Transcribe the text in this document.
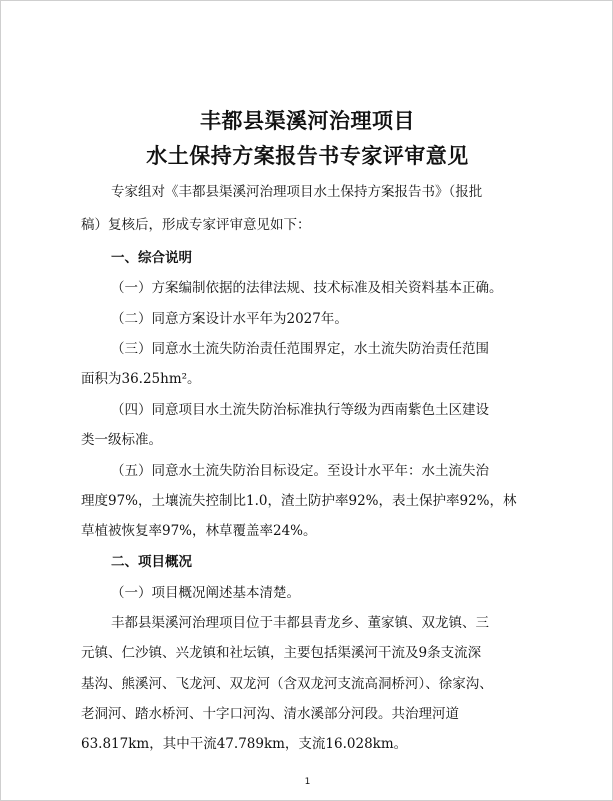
丰都县渠溪河治理项目
水土保持方案报告书专家评审意见
专家组对《丰都县渠溪河治理项目水土保持方案报告书》（报批
稿）复核后，形成专家评审意见如下：
一、综合说明
（一）方案编制依据的法律法规、技术标准及相关资料基本正确。
（二）同意方案设计水平年为2027年。
（三）同意水土流失防治责任范围界定，水土流失防治责任范围
面积为36.25hm²。
（四）同意项目水土流失防治标准执行等级为西南紫色土区建设
类一级标准。
（五）同意水土流失防治目标设定。至设计水平年：水土流失治
理度97%，土壤流失控制比1.0，渣土防护率92%，表土保护率92%，林
草植被恢复率97%，林草覆盖率24%。
二、项目概况
（一）项目概况阐述基本清楚。
丰都县渠溪河治理项目位于丰都县青龙乡、董家镇、双龙镇、三
元镇、仁沙镇、兴龙镇和社坛镇，主要包括渠溪河干流及9条支流深
基沟、熊溪河、飞龙河、双龙河（含双龙河支流高洞桥河）、徐家沟、
老洞河、踏水桥河、十字口河沟、清水溪部分河段。共治理河道
63.817km，其中干流47.789km，支流16.028km。
1
